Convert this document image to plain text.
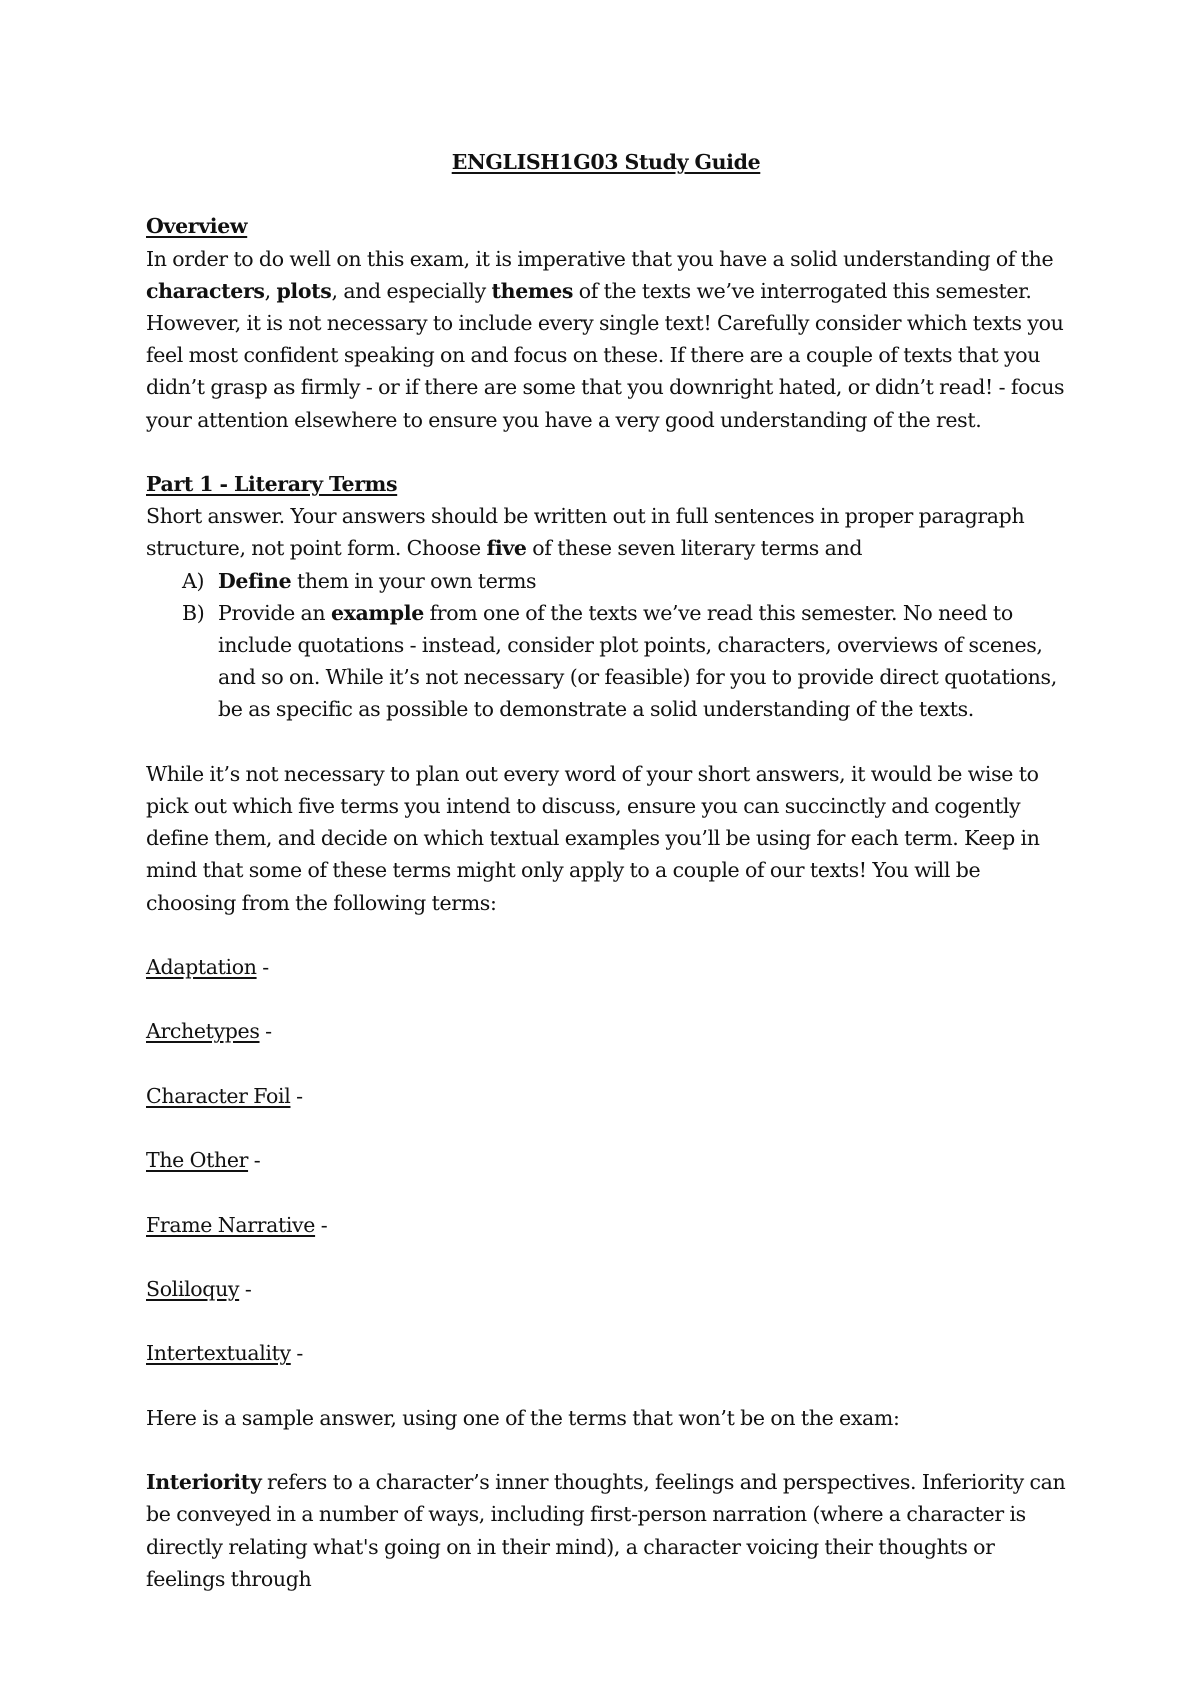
ENGLISH1G03 Study Guide

Overview

In order to do well on this exam, it is imperative that you have a solid understanding of the characters, plots, and especially themes of the texts we’ve interrogated this semester. However, it is not necessary to include every single text! Carefully consider which texts you feel most confident speaking on and focus on these. If there are a couple of texts that you didn’t grasp as firmly - or if there are some that you downright hated, or didn’t read! - focus your attention elsewhere to ensure you have a very good understanding of the rest.

Part 1 - Literary Terms

Short answer. Your answers should be written out in full sentences in proper paragraph structure, not point form. Choose five of these seven literary terms and

A) Define them in your own terms
B) Provide an example from one of the texts we’ve read this semester. No need to include quotations - instead, consider plot points, characters, overviews of scenes, and so on. While it’s not necessary (or feasible) for you to provide direct quotations, be as specific as possible to demonstrate a solid understanding of the texts.

While it’s not necessary to plan out every word of your short answers, it would be wise to pick out which five terms you intend to discuss, ensure you can succinctly and cogently define them, and decide on which textual examples you’ll be using for each term. Keep in mind that some of these terms might only apply to a couple of our texts! You will be choosing from the following terms:

Adaptation -

Archetypes -

Character Foil -

The Other -

Frame Narrative -

Soliloquy -

Intertextuality -

Here is a sample answer, using one of the terms that won’t be on the exam:

Interiority refers to a character’s inner thoughts, feelings and perspectives. Inferiority can be conveyed in a number of ways, including first-person narration (where a character is directly relating what's going on in their mind), a character voicing their thoughts or feelings through
